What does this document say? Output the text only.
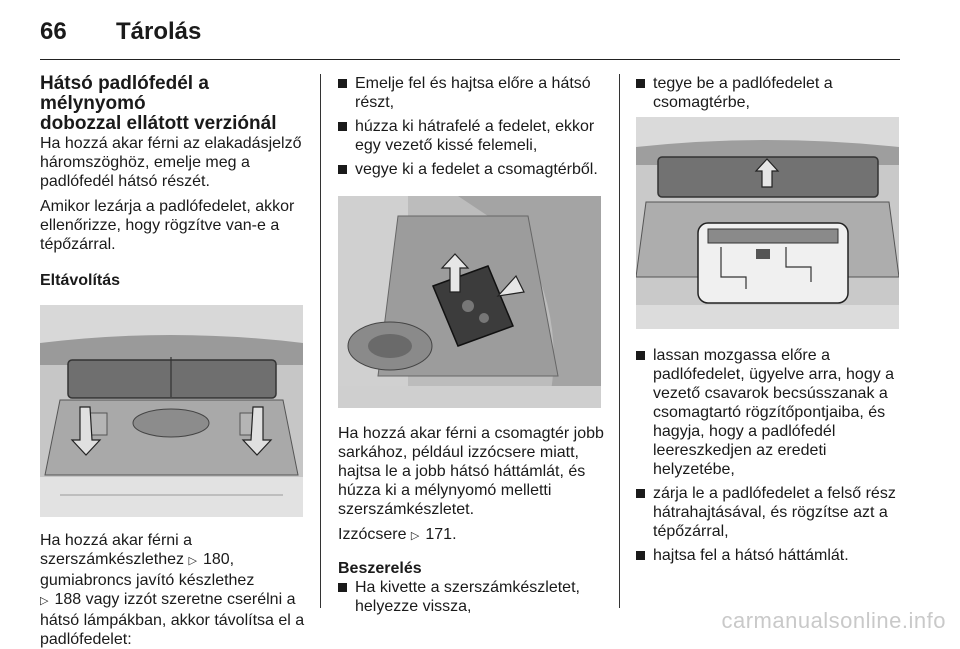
66 Tárolás
Hátsó padlófedél a mélynyomó
dobozzal ellátott verziónál

Ha hozzá akar férni az elakadásjelző
háromszöghöz, emelje meg a
padlófedél hátsó részét.

Amikor lezárja a padlófedelet, akkor
ellenőrizze, hogy rögzítve van-e a
tépőzárral.

Eltávolítás

Ha hozzá akar férni a
szerszámkészlethez ▷ 180,
gumiabroncs javító készlethez
▷ 188 vagy izzót szeretne cserélni a
hátsó lámpákban, akkor távolítsa el a
padlófedelet:

Emelje fel és hajtsa előre a hátsó
részt,

húzza ki hátrafelé a fedelet, ekkor
egy vezető kissé felemeli,

vegye ki a fedelet a csomagtérből.

Ha hozzá akar férni a csomagtér jobb
sarkához, például izzócsere miatt,
hajtsa le a jobb hátsó háttámlát, és
húzza ki a mélynyomó melletti
szerszámkészletet.

Izzócsere ▷ 171.

Beszerelés

Ha kivette a szerszámkészletet,
helyezze vissza,

tegye be a padlófedelet a
csomagtérbe,

lassan mozgassa előre a
padlófedelet, ügyelve arra, hogy a
vezető csavarok becsússzanak a
csomagtartó rögzítőpontjaiba, és
hagyja, hogy a padlófedél
leereszkedjen az eredeti
helyzetébe,

zárja le a padlófedelet a felső rész
hátrahajtásával, és rögzítse azt a
tépőzárral,

hajtsa fel a hátsó háttámlát.

carmanualsonline.info
